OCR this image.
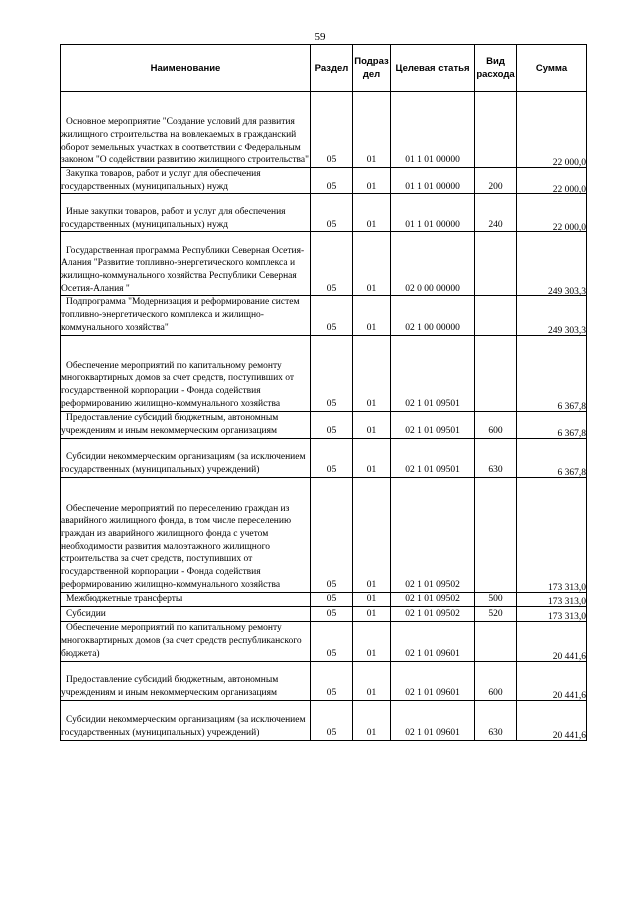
59
Наименование	Раздел	Подраз дел	Целевая статья	Вид расхода	Сумма

Основное мероприятие "Создание условий для развития жилищного строительства на вовлекаемых в гражданский оборот земельных участках в соответствии с Федеральным законом "О содействии развитию жилищного строительства"	05	01	01 1 01 00000		22 000,0

Закупка товаров, работ и услуг для обеспечения государственных (муниципальных) нужд	05	01	01 1 01 00000	200	22 000,0

Иные закупки товаров, работ и услуг для обеспечения государственных (муниципальных) нужд	05	01	01 1 01 00000	240	22 000,0

Государственная программа Республики Северная Осетия-Алания "Развитие топливно-энергетического комплекса и жилищно-коммунального хозяйства Республики Северная Осетия-Алания "	05	01	02 0 00 00000		249 303,3

Подпрограмма "Модернизация и реформирование систем топливно-энергетического комплекса и жилищно-коммунального хозяйства"	05	01	02 1 00 00000		249 303,3

Обеспечение мероприятий по капитальному ремонту многоквартирных домов за счет средств, поступивших от государственной корпорации - Фонда содействия реформированию жилищно-коммунального хозяйства	05	01	02 1 01 09501		6 367,8

Предоставление субсидий бюджетным, автономным учреждениям и иным некоммерческим организациям	05	01	02 1 01 09501	600	6 367,8

Субсидии некоммерческим организациям (за исключением государственных (муниципальных) учреждений)	05	01	02 1 01 09501	630	6 367,8

Обеспечение мероприятий по переселению граждан из аварийного жилищного фонда, в том числе переселению граждан из аварийного жилищного фонда с учетом необходимости развития малоэтажного жилищного строительства за счет средств, поступивших от государственной корпорации - Фонда содействия реформированию жилищно-коммунального хозяйства	05	01	02 1 01 09502		173 313,0

Межбюджетные трансферты	05	01	02 1 01 09502	500	173 313,0

Субсидии	05	01	02 1 01 09502	520	173 313,0

Обеспечение мероприятий по капитальному ремонту многоквартирных домов (за счет средств республиканского бюджета)	05	01	02 1 01 09601		20 441,6

Предоставление субсидий бюджетным, автономным учреждениям и иным некоммерческим организациям	05	01	02 1 01 09601	600	20 441,6

Субсидии некоммерческим организациям (за исключением государственных (муниципальных) учреждений)	05	01	02 1 01 09601	630	20 441,6
